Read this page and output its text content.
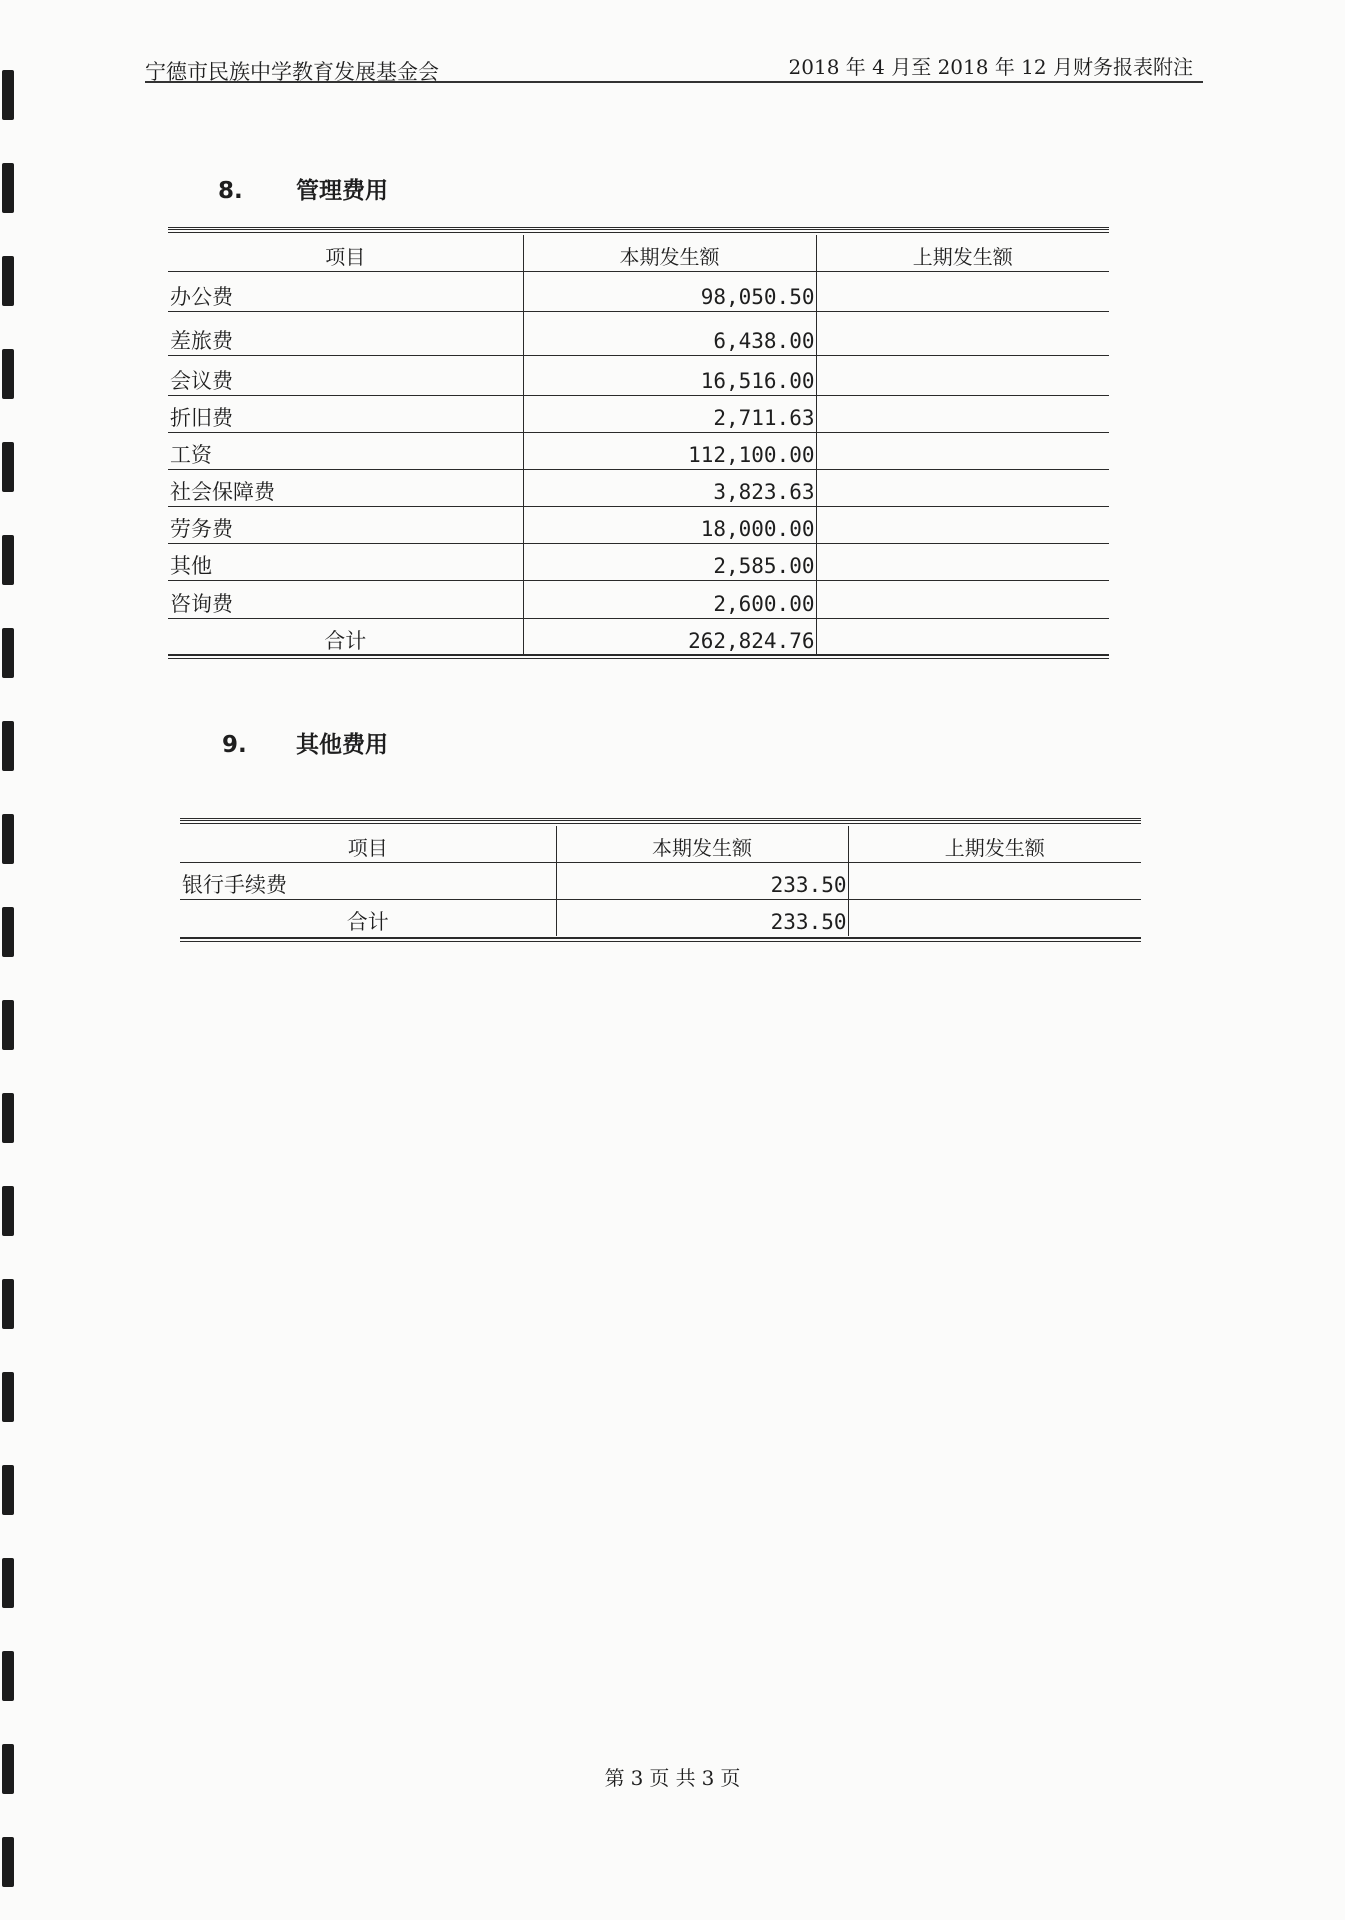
宁德市民族中学教育发展基金会	2018 年 4 月至 2018 年 12 月财务报表附注
8. 管理费用
项目	本期发生额	上期发生额
办公费	98,050.50	
差旅费	6,438.00	
会议费	16,516.00	
折旧费	2,711.63	
工资	112,100.00	
社会保障费	3,823.63	
劳务费	18,000.00	
其他	2,585.00	
咨询费	2,600.00	
合计	262,824.76	
9. 其他费用
项目	本期发生额	上期发生额
银行手续费	233.50	
合计	233.50	
第 3 页 共 3 页
